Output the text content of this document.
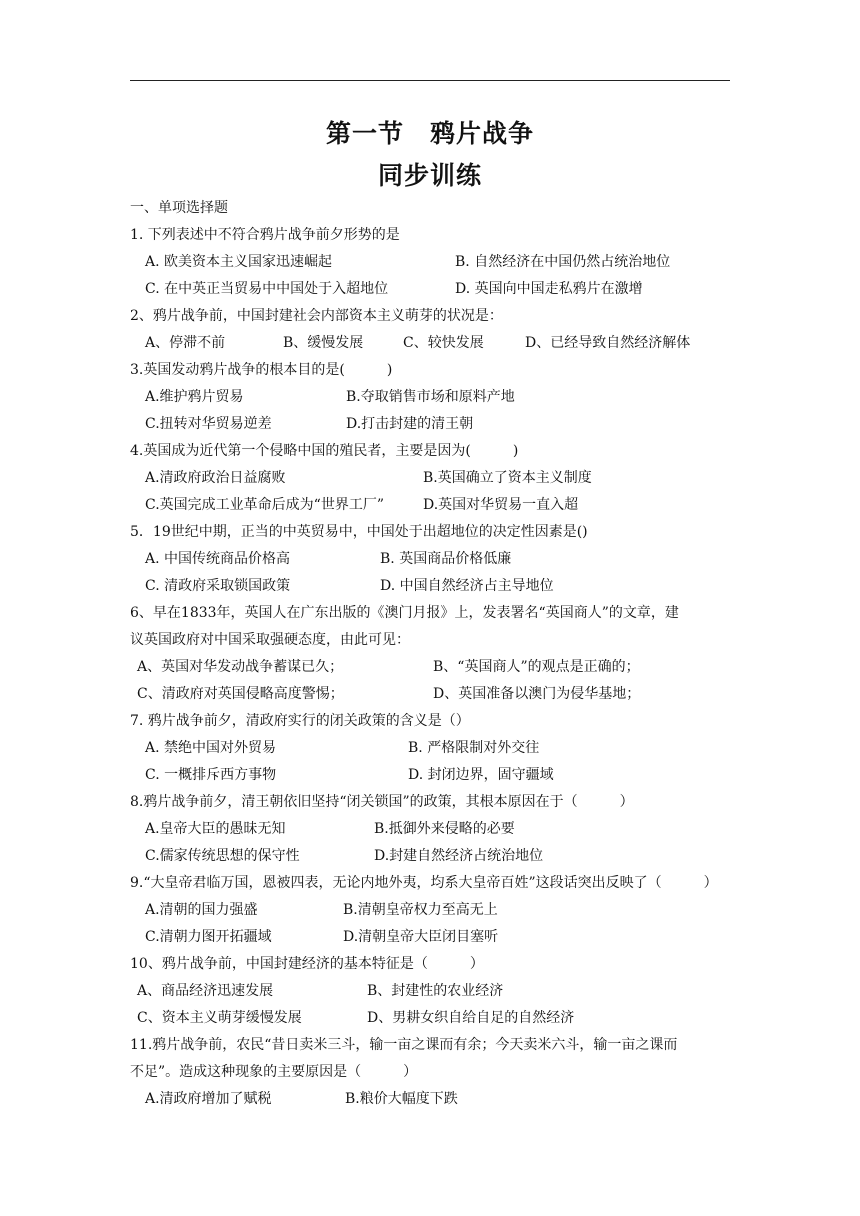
第一节　鸦片战争
同步训练
一、单项选择题
1. 下列表述中不符合鸦片战争前夕形势的是
A. 欧美资本主义国家迅速崛起	B. 自然经济在中国仍然占统治地位
C. 在中英正当贸易中中国处于入超地位	D. 英国向中国走私鸦片在激增
2、鸦片战争前，中国封建社会内部资本主义萌芽的状况是：
A、停滞不前	B、缓慢发展	C、较快发展	D、已经导致自然经济解体
3.英国发动鸦片战争的根本目的是(　　　)
A.维护鸦片贸易	B.夺取销售市场和原料产地
C.扭转对华贸易逆差	D.打击封建的清王朝
4.英国成为近代第一个侵略中国的殖民者，主要是因为(　　　)
A.清政府政治日益腐败	B.英国确立了资本主义制度
C.英国完成工业革命后成为“世界工厂”	D.英国对华贸易一直入超
5．19世纪中期，正当的中英贸易中，中国处于出超地位的决定性因素是()
A. 中国传统商品价格高	B. 英国商品价格低廉
C. 清政府采取锁国政策	D. 中国自然经济占主导地位
6、早在1833年，英国人在广东出版的《澳门月报》上，发表署名“英国商人”的文章，建
议英国政府对中国采取强硬态度，由此可见：
A、英国对华发动战争蓄谋已久；	B、“英国商人”的观点是正确的；
C、清政府对英国侵略高度警惕；	D、英国准备以澳门为侵华基地；
7. 鸦片战争前夕，清政府实行的闭关政策的含义是（）
A. 禁绝中国对外贸易	B. 严格限制对外交往
C. 一概排斥西方事物	D. 封闭边界，固守疆域
8.鸦片战争前夕，清王朝依旧坚持“闭关锁国”的政策，其根本原因在于（　　　）
A.皇帝大臣的愚昧无知	B.抵御外来侵略的必要
C.儒家传统思想的保守性	D.封建自然经济占统治地位
9.“大皇帝君临万国，恩被四表，无论内地外夷，均系大皇帝百姓”这段话突出反映了（　　　）
A.清朝的国力强盛	B.清朝皇帝权力至高无上
C.清朝力图开拓疆域	D.清朝皇帝大臣闭目塞听
10、鸦片战争前，中国封建经济的基本特征是（　　　）
A、商品经济迅速发展	B、封建性的农业经济
C、资本主义萌芽缓慢发展	D、男耕女织自给自足的自然经济
11.鸦片战争前，农民“昔日卖米三斗，输一亩之课而有余；今天卖米六斗，输一亩之课而
不足”。造成这种现象的主要原因是（　　　）
A.清政府增加了赋税	B.粮价大幅度下跌
